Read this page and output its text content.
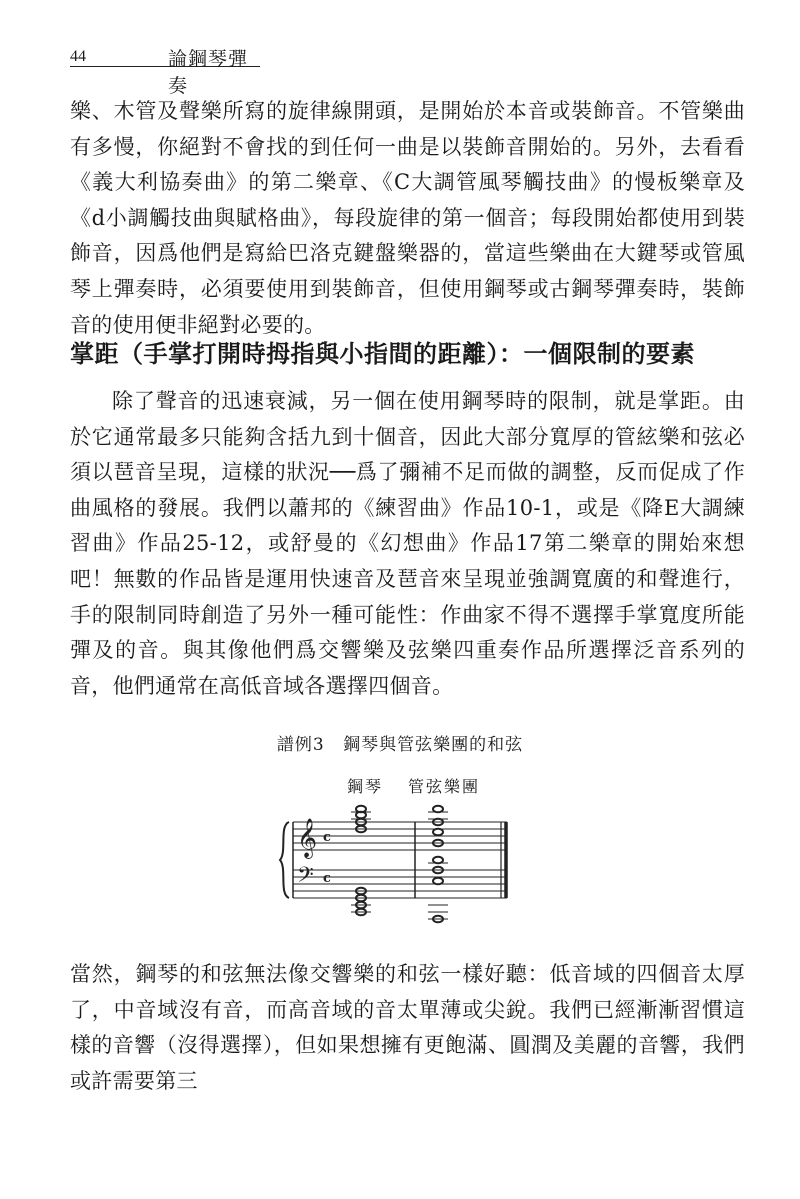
44	論鋼琴彈奏

樂、木管及聲樂所寫的旋律線開頭，是開始於本音或裝飾音。不管樂曲有多慢，你絕對不會找的到任何一曲是以裝飾音開始的。另外，去看看《義大利協奏曲》的第二樂章、《C大調管風琴觸技曲》的慢板樂章及《d小調觸技曲與賦格曲》，每段旋律的第一個音；每段開始都使用到裝飾音，因爲他們是寫給巴洛克鍵盤樂器的，當這些樂曲在大鍵琴或管風琴上彈奏時，必須要使用到裝飾音，但使用鋼琴或古鋼琴彈奏時，裝飾音的使用便非絕對必要的。

掌距（手掌打開時拇指與小指間的距離）：一個限制的要素

除了聲音的迅速衰減，另一個在使用鋼琴時的限制，就是掌距。由於它通常最多只能夠含括九到十個音，因此大部分寬厚的管絃樂和弦必須以琶音呈現，這樣的狀況──爲了彌補不足而做的調整，反而促成了作曲風格的發展。我們以蕭邦的《練習曲》作品10-1，或是《降E大調練習曲》作品25-12，或舒曼的《幻想曲》作品17第二樂章的開始來想吧！無數的作品皆是運用快速音及琶音來呈現並強調寬廣的和聲進行，手的限制同時創造了另外一種可能性：作曲家不得不選擇手掌寬度所能彈及的音。與其像他們爲交響樂及弦樂四重奏作品所選擇泛音系列的音，他們通常在高低音域各選擇四個音。

譜例3 鋼琴與管弦樂團的和弦
鋼琴 管弦樂團
𝄞
𝄢
c
c

當然，鋼琴的和弦無法像交響樂的和弦一樣好聽：低音域的四個音太厚了，中音域沒有音，而高音域的音太單薄或尖銳。我們已經漸漸習慣這樣的音響（沒得選擇），但如果想擁有更飽滿、圓潤及美麗的音響，我們或許需要第三
